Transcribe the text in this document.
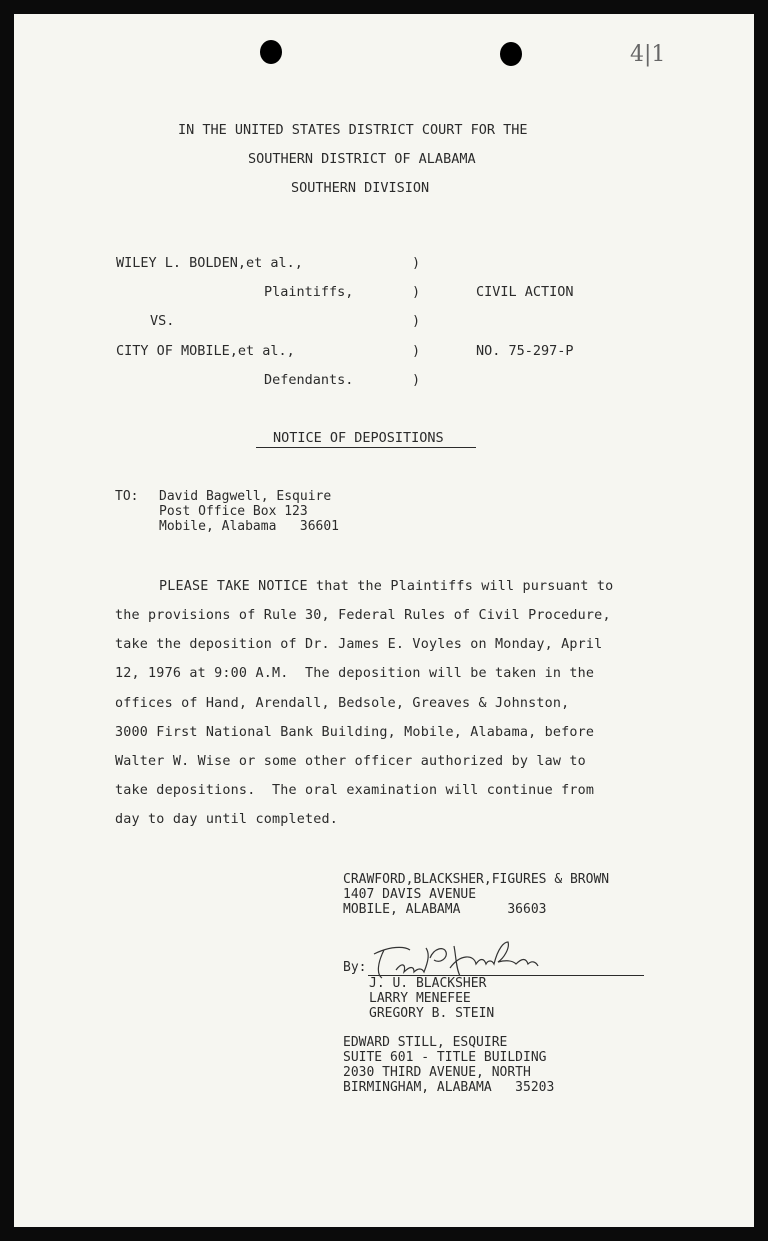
4|1
IN THE UNITED STATES DISTRICT COURT FOR THE
SOUTHERN DISTRICT OF ALABAMA
SOUTHERN DIVISION
WILEY L. BOLDEN,et al.,
Plaintiffs,
VS.
CITY OF MOBILE,et al.,
Defendants.
)
)
)
)
)
CIVIL ACTION
NO. 75-297-P
NOTICE OF DEPOSITIONS
TO: David Bagwell, Esquire
Post Office Box 123
Mobile, Alabama   36601
PLEASE TAKE NOTICE that the Plaintiffs will pursuant to
the provisions of Rule 30, Federal Rules of Civil Procedure,
take the deposition of Dr. James E. Voyles on Monday, April
12, 1976 at 9:00 A.M.  The deposition will be taken in the
offices of Hand, Arendall, Bedsole, Greaves & Johnston,
3000 First National Bank Building, Mobile, Alabama, before
Walter W. Wise or some other officer authorized by law to
take depositions.  The oral examination will continue from
day to day until completed.
CRAWFORD,BLACKSHER,FIGURES & BROWN
1407 DAVIS AVENUE
MOBILE, ALABAMA      36603
By:
J. U. BLACKSHER
LARRY MENEFEE
GREGORY B. STEIN
EDWARD STILL, ESQUIRE
SUITE 601 - TITLE BUILDING
2030 THIRD AVENUE, NORTH
BIRMINGHAM, ALABAMA   35203
